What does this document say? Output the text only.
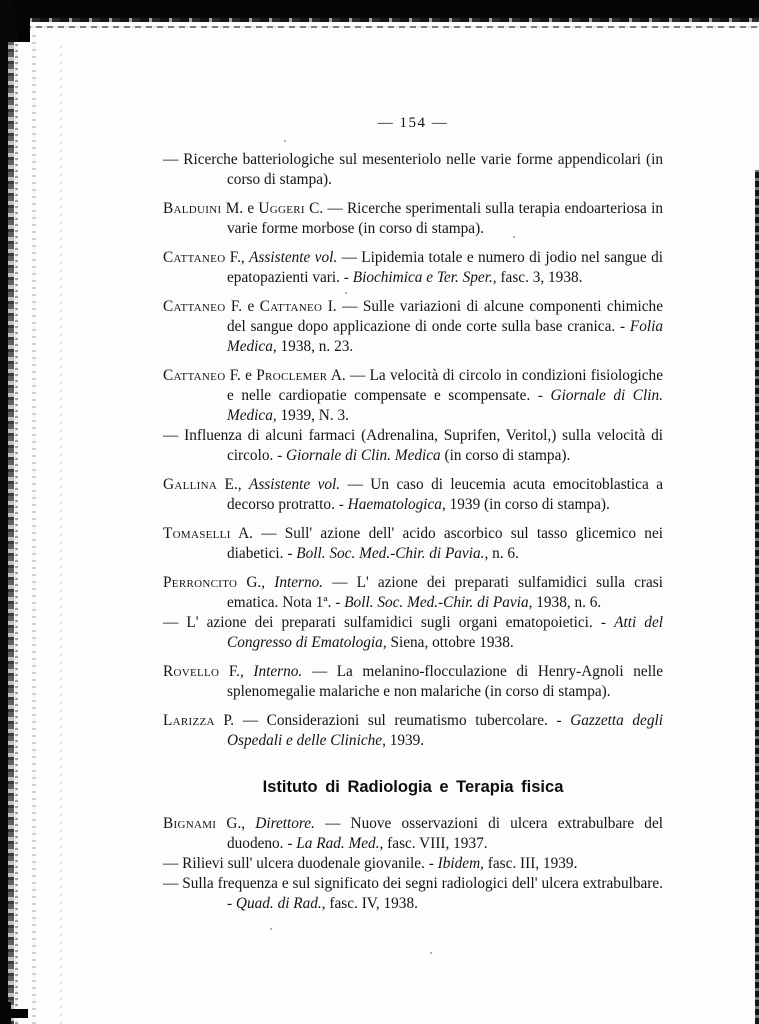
— 154 —

— Ricerche batteriologiche sul mesenteriolo nelle varie forme appendicolari (in corso di stampa).

Balduini M. e Uggeri C. — Ricerche sperimentali sulla terapia endoarteriosa in varie forme morbose (in corso di stampa).

Cattaneo F., Assistente vol. — Lipidemia totale e numero di jodio nel sangue di epatopazienti vari. - Biochimica e Ter. Sper., fasc. 3, 1938.

Cattaneo F. e Cattaneo I. — Sulle variazioni di alcune componenti chimiche del sangue dopo applicazione di onde corte sulla base cranica. - Folia Medica, 1938, n. 23.

Cattaneo F. e Proclemer A. — La velocità di circolo in condizioni fisiologiche e nelle cardiopatie compensate e scompensate. - Giornale di Clin. Medica, 1939, N. 3.

— Influenza di alcuni farmaci (Adrenalina, Suprifen, Veritol,) sulla velocità di circolo. - Giornale di Clin. Medica (in corso di stampa).

Gallina E., Assistente vol. — Un caso di leucemia acuta emocitoblastica a decorso protratto. - Haematologica, 1939 (in corso di stampa).

Tomaselli A. — Sull' azione dell' acido ascorbico sul tasso glicemico nei diabetici. - Boll. Soc. Med.-Chir. di Pavia., n. 6.

Perroncito G., Interno. — L' azione dei preparati sulfamidici sulla crasi ematica. Nota 1ª. - Boll. Soc. Med.-Chir. di Pavia, 1938, n. 6.

— L' azione dei preparati sulfamidici sugli organi ematopoietici. - Atti del Congresso di Ematologia, Siena, ottobre 1938.

Rovello F., Interno. — La melanino-flocculazione di Henry-Agnoli nelle splenomegalie malariche e non malariche (in corso di stampa).

Larizza P. — Considerazioni sul reumatismo tubercolare. - Gazzetta degli Ospedali e delle Cliniche, 1939.

Istituto di Radiologia e Terapia fisica

Bignami G., Direttore. — Nuove osservazioni di ulcera extrabulbare del duodeno. - La Rad. Med., fasc. VIII, 1937.

— Rilievi sull' ulcera duodenale giovanile. - Ibidem, fasc. III, 1939.

— Sulla frequenza e sul significato dei segni radiologici dell' ulcera extrabulbare. - Quad. di Rad., fasc. IV, 1938.
